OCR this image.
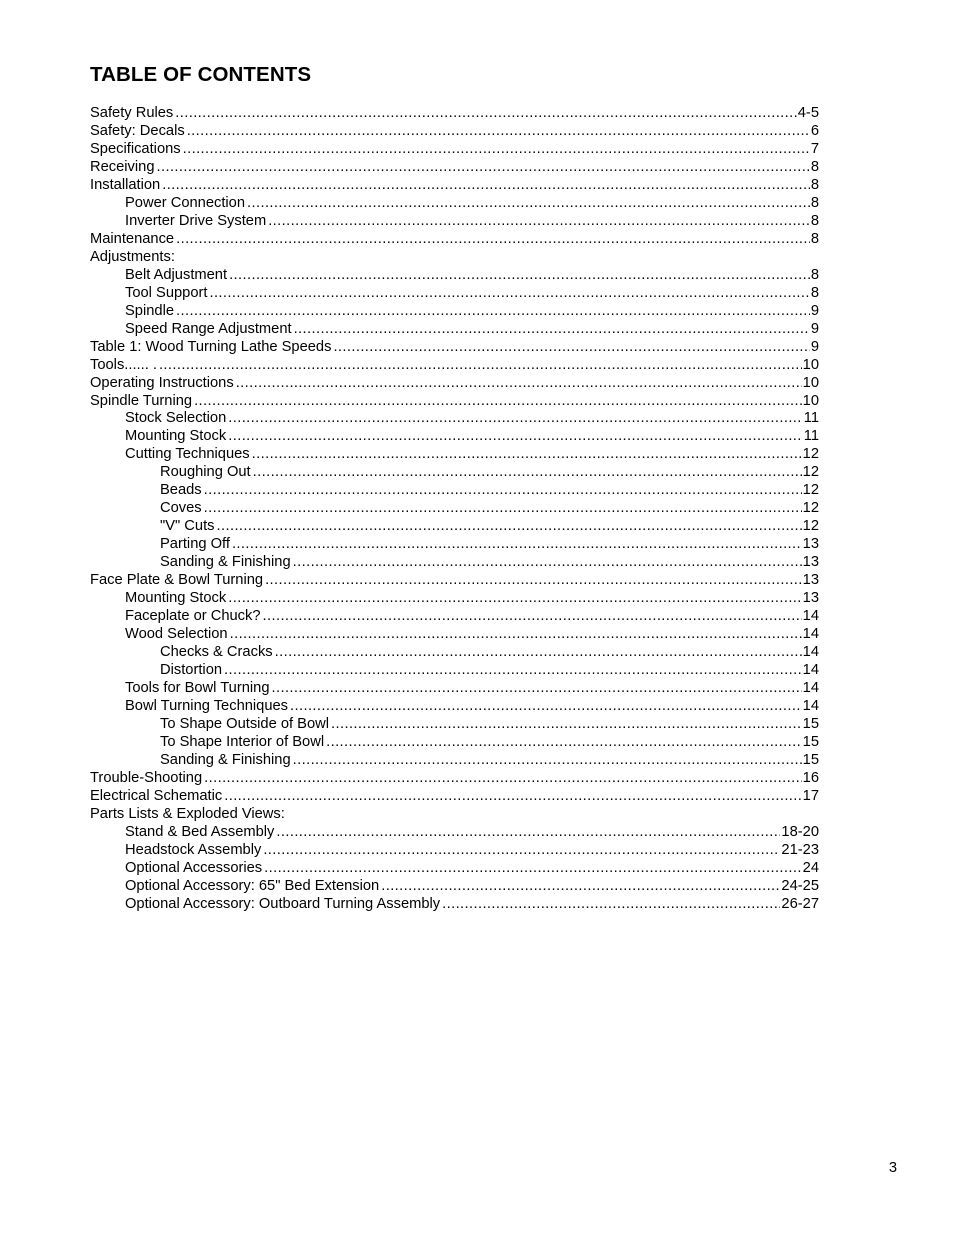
TABLE OF CONTENTS
Safety Rules .....	4-5
Safety: Decals .....	6
Specifications .....	7
Receiving .....	8
Installation .....	8
Power Connection .....	8
Inverter Drive System .....	8
Maintenance .....	8
Adjustments:
Belt Adjustment .....	8
Tool Support .....	8
Spindle .....	9
Speed Range Adjustment .....	9
Table 1: Wood Turning Lathe Speeds .....	9
Tools...... . .....	10
Operating Instructions .....	10
Spindle Turning .....	10
Stock Selection .....	11
Mounting Stock .....	11
Cutting Techniques .....	12
Roughing Out .....	12
Beads .....	12
Coves .....	12
"V" Cuts .....	12
Parting Off .....	13
Sanding & Finishing .....	13
Face Plate & Bowl Turning .....	13
Mounting Stock .....	13
Faceplate or Chuck? .....	14
Wood Selection .....	14
Checks & Cracks .....	14
Distortion .....	14
Tools for Bowl Turning .....	14
Bowl Turning Techniques .....	14
To Shape Outside of Bowl .....	15
To Shape Interior of Bowl .....	15
Sanding & Finishing .....	15
Trouble-Shooting .....	16
Electrical Schematic .....	17
Parts Lists & Exploded Views:
Stand & Bed Assembly .....	18-20
Headstock Assembly .....	21-23
Optional Accessories .....	24
Optional Accessory: 65" Bed Extension .....	24-25
Optional Accessory: Outboard Turning Assembly .....	26-27
3
